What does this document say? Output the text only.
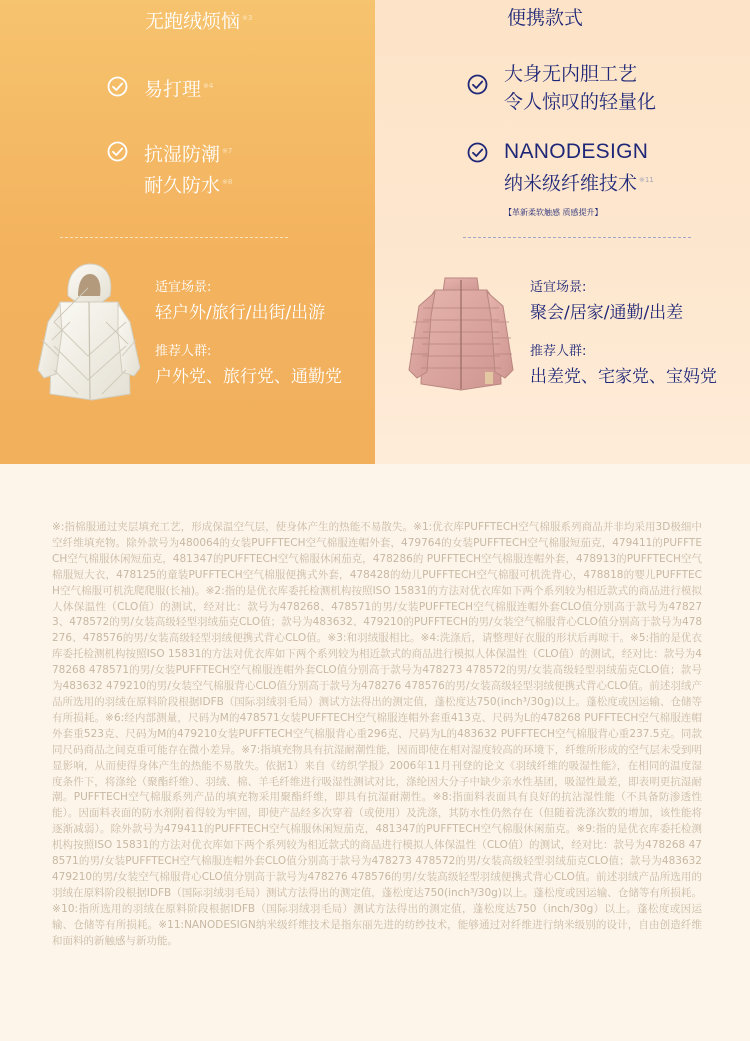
无跑绒烦恼 $^{※3}$
易打理 $^{※4}$
抗湿防潮 $^{※7}$
耐久防水 $^{※8}$
适宜场景:
轻户外/旅行/出街/出游
推荐人群:
户外党、旅行党、通勤党
便携款式
大身无内胆工艺
令人惊叹的轻量化
NANODESIGN
纳米级纤维技术 $^{※11}$
【革新柔软触感 质感提升】
适宜场景:
聚会/居家/通勤/出差
推荐人群:
出差党、宅家党、宝妈党
※:指棉服通过夹层填充工艺，形成保温空气层，使身体产生的热能不易散失。※1:优衣库PUFFTECH空气棉服系列商品并非均采用3D极细中空纤维填充物。除外款号为480064的女装PUFFTECH空气棉服连帽外套，479764的女装PUFFTECH空气棉服短茄克，479411的PUFFTECH空气棉服休闲短茄克，481347的PUFFTECH空气棉服休闲茄克，478286的 PUFFTECH空气棉服连帽外套，478913的PUFFTECH空气棉服短大衣，478125的童装PUFFTECH空气棉服便携式外套，478428的幼儿PUFFTECH空气棉服可机洗背心，478818的婴儿PUFFTECH空气棉服可机洗爬爬服(长袖)。※2:指的是优衣库委托检测机构按照ISO 15831的方法对优衣库如下两个系列较为相近款式的商品进行模拟人体保温性（CLO值）的测试，经对比：款号为478268、478571的男/女装PUFFTECH空气棉服连帽外套CLO值分别高于款号为478273、478572的男/女装高级轻型羽绒茄克CLO值；款号为483632、479210的PUFFTECH的男/女装空气棉服背心CLO值分别高于款号为478276、478576的男/女装高级轻型羽绒便携式背心CLO值。※3:和羽绒服相比。※4:洗涤后，请整理好衣服的形状后再晾干。※5:指的是优衣库委托检测机构按照ISO 15831的方法对优衣库如下两个系列较为相近款式的商品进行模拟人体保温性（CLO值）的测试，经对比：款号为478268 478571的男/女装PUFFTECH空气棉服连帽外套CLO值分别高于款号为478273 478572的男/女装高级轻型羽绒茄克CLO值；款号为483632 479210的男/女装空气棉服背心CLO值分别高于款号为478276 478576的男/女装高级轻型羽绒便携式背心CLO值。前述羽绒产品所选用的羽绒在原料阶段根据IDFB（国际羽绒羽毛局）测试方法得出的测定值，蓬松度达750(inch³/30g)以上。蓬松度或因运输、仓储等有所损耗。※6:经内部测量，尺码为M的478571女装PUFFTECH空气棉服连帽外套重413克、尺码为L的478268 PUFFTECH空气棉服连帽外套重523克、尺码为M的479210女装PUFFTECH空气棉服背心重296克、尺码为L的483632 PUFFTECH空气棉服背心重237.5克。同款同尺码商品之间克重可能存在微小差异。※7:指填充物具有抗湿耐潮性能，因而即使在相对湿度较高的环境下，纤维所形成的空气层未受到明显影响，从而使得身体产生的热能不易散失。依据1）来自《纺织学报》2006年11月刊登的论文《羽绒纤维的吸湿性能》，在相同的温度湿度条件下，将涤纶（聚酯纤维）、羽绒、棉、羊毛纤维进行吸湿性测试对比，涤纶因大分子中缺少亲水性基团，吸湿性最差，即表明更抗湿耐潮。PUFFTECH空气棉服系列产品的填充物采用聚酯纤维，即具有抗湿耐潮性。※8:指面料表面具有良好的抗沾湿性能（不具备防渗透性能）。因面料表面的防水剂附着得较为牢固，即使产品经多次穿着（或使用）及洗涤，其防水性仍然存在（但随着洗涤次数的增加，该性能将逐渐减弱）。除外款号为479411的PUFFTECH空气棉服休闲短茄克，481347的PUFFTECH空气棉服休闲茄克。※9:指的是优衣库委托检测机构按照ISO 15831的方法对优衣库如下两个系列较为相近款式的商品进行模拟人体保温性（CLO值）的测试，经对比：款号为478268 478571的男/女装PUFFTECH空气棉服连帽外套CLO值分别高于款号为478273 478572的男/女装高级轻型羽绒茄克CLO值；款号为483632 479210的男/女装空气棉服背心CLO值分别高于款号为478276 478576的男/女装高级轻型羽绒便携式背心CLO值。前述羽绒产品所选用的羽绒在原料阶段根据IDFB（国际羽绒羽毛局）测试方法得出的测定值，蓬松度达750(inch³/30g)以上。蓬松度或因运输、仓储等有所损耗。※10:指所选用的羽绒在原料阶段根据IDFB（国际羽绒羽毛局）测试方法得出的测定值，蓬松度达750（inch/30g）以上。蓬松度或因运输、仓储等有所损耗。※11:NANODESIGN纳米级纤维技术是指东丽先进的纺纱技术，能够通过对纤维进行纳米级别的设计，自由创造纤维和面料的新触感与新功能。
